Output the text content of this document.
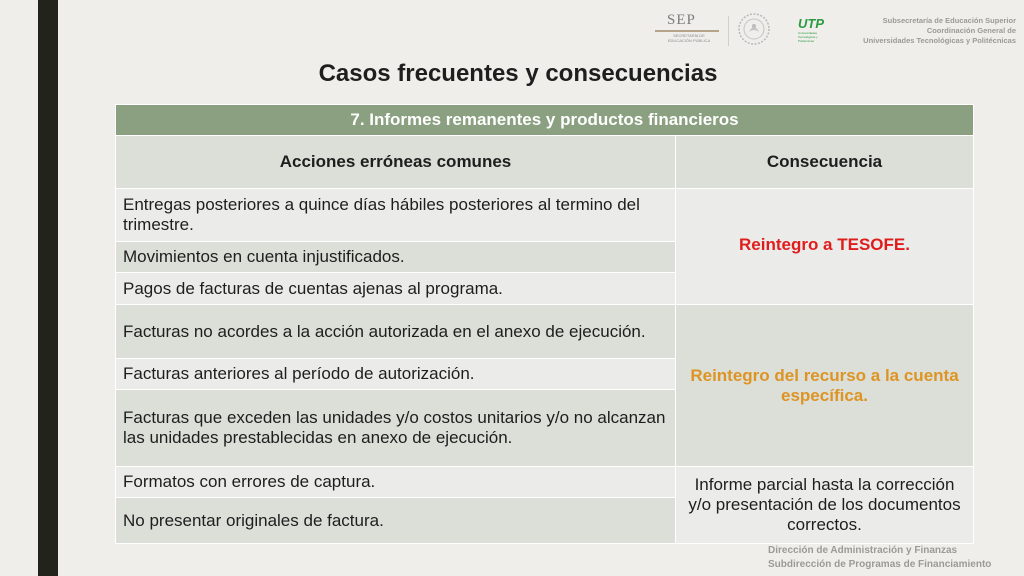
SEP
SECRETARÍA DE EDUCACIÓN PÚBLICA
UTP
Universidades Tecnológicas y Politécnicas
Subsecretaría de Educación Superior
Coordinación General de
Universidades Tecnológicas y Politécnicas
Casos frecuentes y consecuencias
7. Informes remanentes y productos financieros	
Acciones erróneas comunes	Consecuencia
Entregas posteriores a quince días hábiles posteriores al termino del trimestre.	Reintegro a TESOFE.
Movimientos en cuenta injustificados.	
Pagos de facturas de cuentas ajenas al programa.	
Facturas no acordes a la acción autorizada en el anexo de ejecución.	Reintegro del recurso a la cuenta específica.
Facturas anteriores al período de autorización.	
Facturas que exceden las unidades y/o costos unitarios y/o no alcanzan las unidades prestablecidas en anexo de ejecución.	
Formatos con errores de captura.	Informe parcial hasta la corrección y/o presentación de los documentos correctos.
No presentar originales de factura.	
Dirección de Administración y Finanzas
Subdirección de Programas de Financiamiento
